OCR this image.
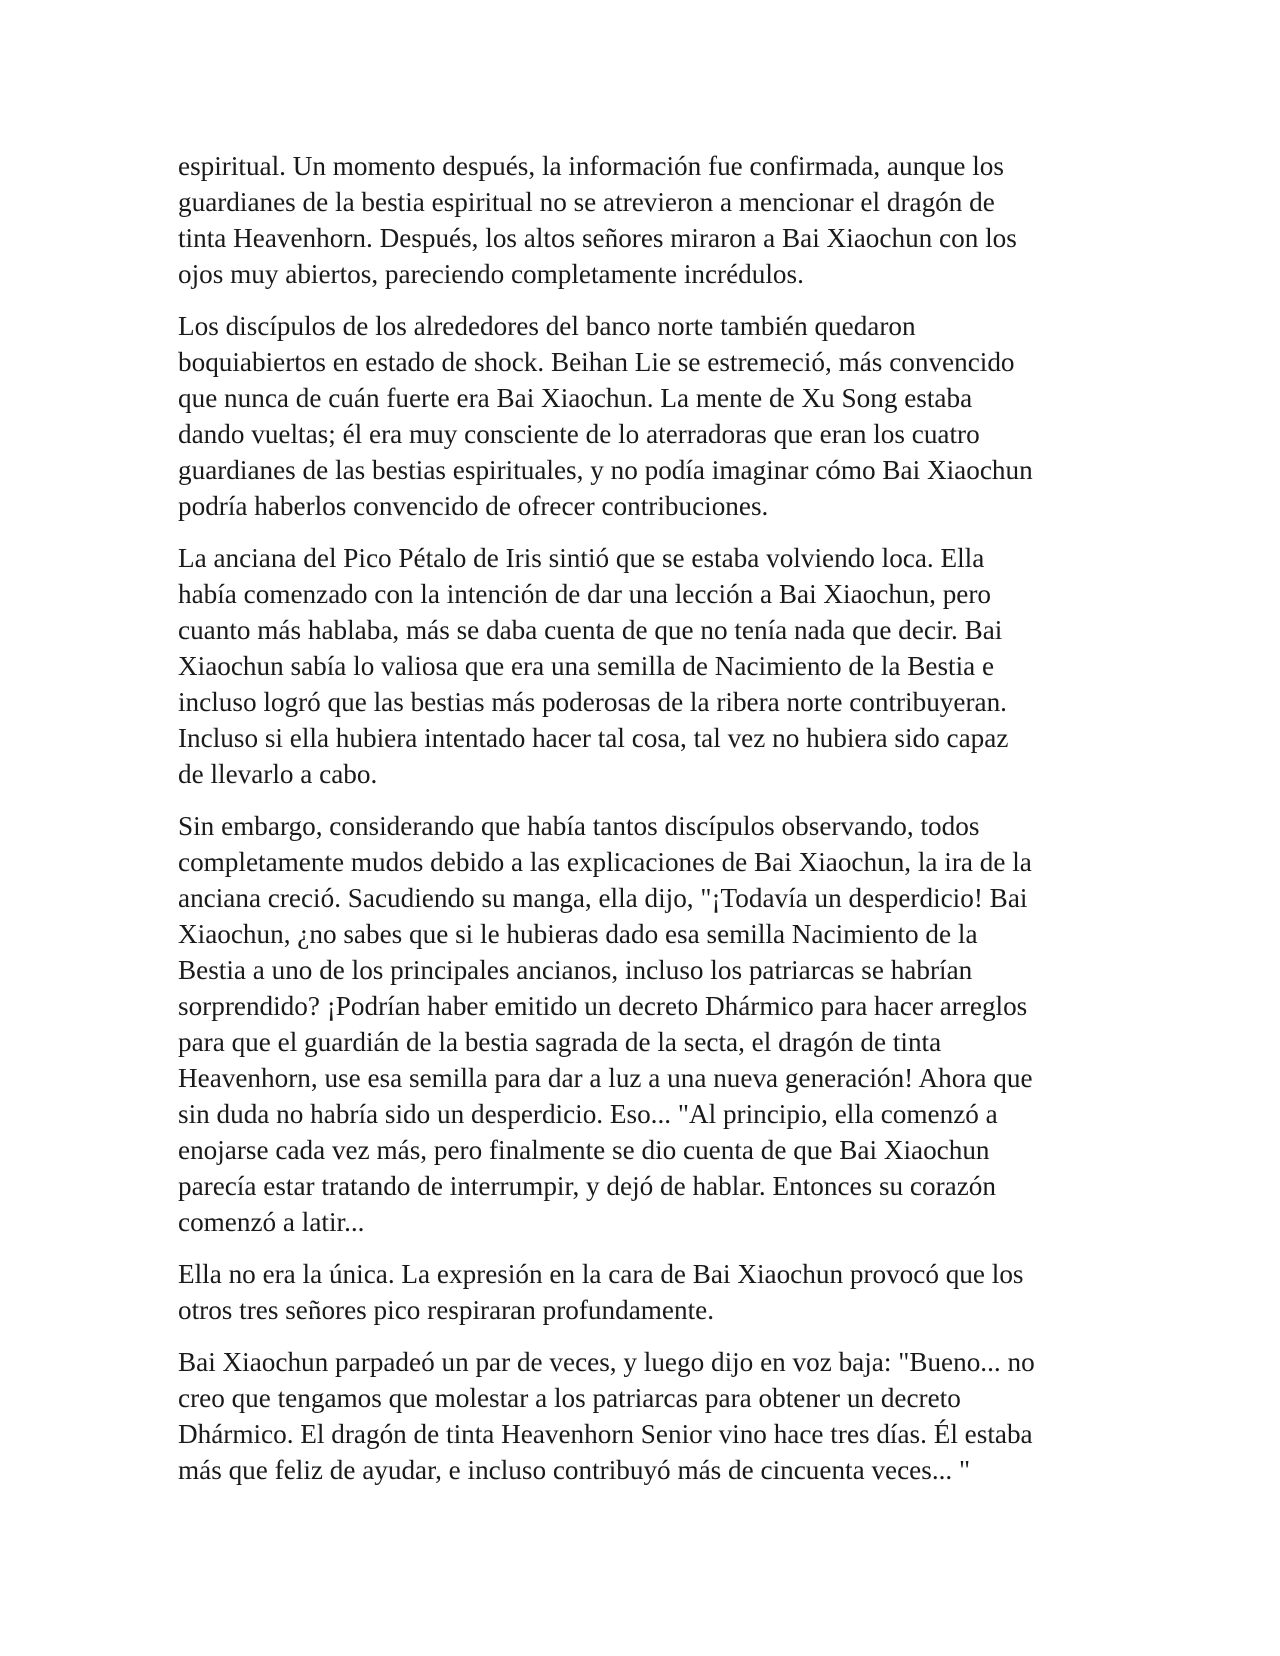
espiritual. Un momento después, la información fue confirmada, aunque los
guardianes de la bestia espiritual no se atrevieron a mencionar el dragón de
tinta Heavenhorn. Después, los altos señores miraron a Bai Xiaochun con los
ojos muy abiertos, pareciendo completamente incrédulos.

Los discípulos de los alrededores del banco norte también quedaron
boquiabiertos en estado de shock. Beihan Lie se estremeció, más convencido
que nunca de cuán fuerte era Bai Xiaochun. La mente de Xu Song estaba
dando vueltas; él era muy consciente de lo aterradoras que eran los cuatro
guardianes de las bestias espirituales, y no podía imaginar cómo Bai Xiaochun
podría haberlos convencido de ofrecer contribuciones.

La anciana del Pico Pétalo de Iris sintió que se estaba volviendo loca. Ella
había comenzado con la intención de dar una lección a Bai Xiaochun, pero
cuanto más hablaba, más se daba cuenta de que no tenía nada que decir. Bai
Xiaochun sabía lo valiosa que era una semilla de Nacimiento de la Bestia e
incluso logró que las bestias más poderosas de la ribera norte contribuyeran.
Incluso si ella hubiera intentado hacer tal cosa, tal vez no hubiera sido capaz
de llevarlo a cabo.

Sin embargo, considerando que había tantos discípulos observando, todos
completamente mudos debido a las explicaciones de Bai Xiaochun, la ira de la
anciana creció. Sacudiendo su manga, ella dijo, "¡Todavía un desperdicio! Bai
Xiaochun, ¿no sabes que si le hubieras dado esa semilla Nacimiento de la
Bestia a uno de los principales ancianos, incluso los patriarcas se habrían
sorprendido? ¡Podrían haber emitido un decreto Dhármico para hacer arreglos
para que el guardián de la bestia sagrada de la secta, el dragón de tinta
Heavenhorn, use esa semilla para dar a luz a una nueva generación! Ahora que
sin duda no habría sido un desperdicio. Eso... "Al principio, ella comenzó a
enojarse cada vez más, pero finalmente se dio cuenta de que Bai Xiaochun
parecía estar tratando de interrumpir, y dejó de hablar. Entonces su corazón
comenzó a latir...

Ella no era la única. La expresión en la cara de Bai Xiaochun provocó que los
otros tres señores pico respiraran profundamente.

Bai Xiaochun parpadeó un par de veces, y luego dijo en voz baja: "Bueno... no
creo que tengamos que molestar a los patriarcas para obtener un decreto
Dhármico. El dragón de tinta Heavenhorn Senior vino hace tres días. Él estaba
más que feliz de ayudar, e incluso contribuyó más de cincuenta veces... "
